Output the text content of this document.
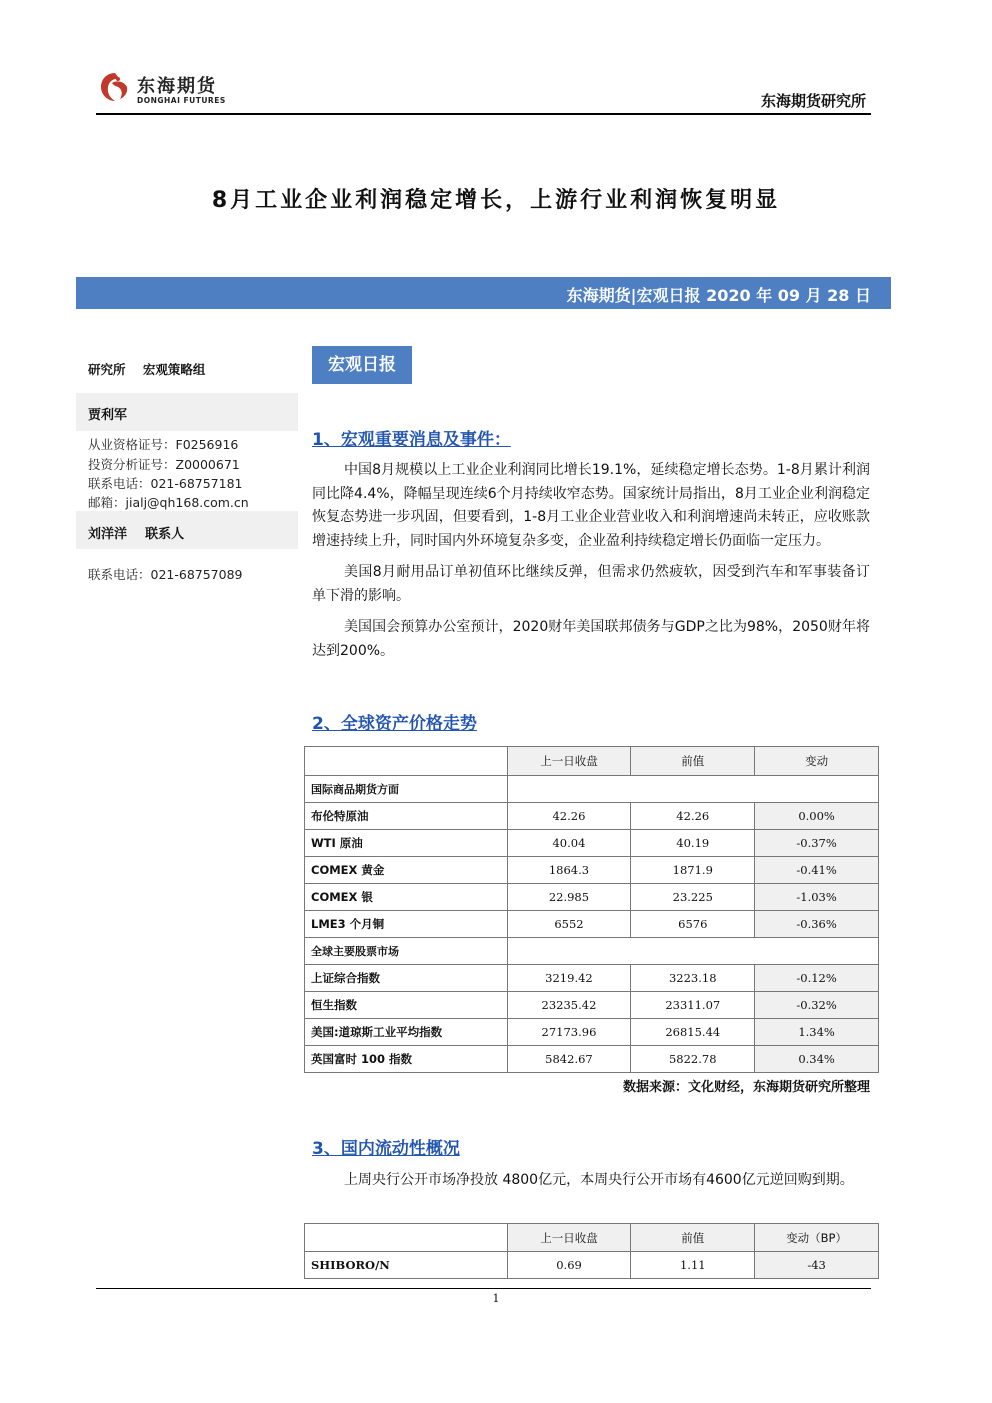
东海期货
DONGHAI FUTURES	东海期货研究所
8月工业企业利润稳定增长，上游行业利润恢复明显
东海期货|宏观日报 2020 年 09 月 28 日
研究所    宏观策略组
贾利军
从业资格证号：F0256916
投资分析证号：Z0000671
联系电话：021-68757181
邮箱：jialj@qh168.com.cn
刘洋洋    联系人
联系电话：021-68757089
宏观日报
1、宏观重要消息及事件：

中国8月规模以上工业企业利润同比增长19.1%，延续稳定增长态势。1-8月累计利润同比降4.4%，降幅呈现连续6个月持续收窄态势。国家统计局指出，8月工业企业利润稳定恢复态势进一步巩固，但要看到，1-8月工业企业营业收入和利润增速尚未转正，应收账款增速持续上升，同时国内外环境复杂多变，企业盈利持续稳定增长仍面临一定压力。

美国8月耐用品订单初值环比继续反弹，但需求仍然疲软，因受到汽车和军事装备订单下滑的影响。

美国国会预算办公室预计，2020财年美国联邦债务与GDP之比为98%，2050财年将达到200%。

2、全球资产价格走势
	上一日收盘	前值	变动
国际商品期货方面			
布伦特原油	42.26	42.26	0.00%
WTI 原油	40.04	40.19	-0.37%
COMEX 黄金	1864.3	1871.9	-0.41%
COMEX 银	22.985	23.225	-1.03%
LME3 个月铜	6552	6576	-0.36%
全球主要股票市场			
上证综合指数	3219.42	3223.18	-0.12%
恒生指数	23235.42	23311.07	-0.32%
美国:道琼斯工业平均指数	27173.96	26815.44	1.34%
英国富时 100 指数	5842.67	5822.78	0.34%
数据来源：文化财经，东海期货研究所整理
3、国内流动性概况

上周央行公开市场净投放 4800亿元，本周央行公开市场有4600亿元逆回购到期。

	上一日收盘	前值	变动（BP）
SHIBORO/N	0.69	1.11	-43
1
